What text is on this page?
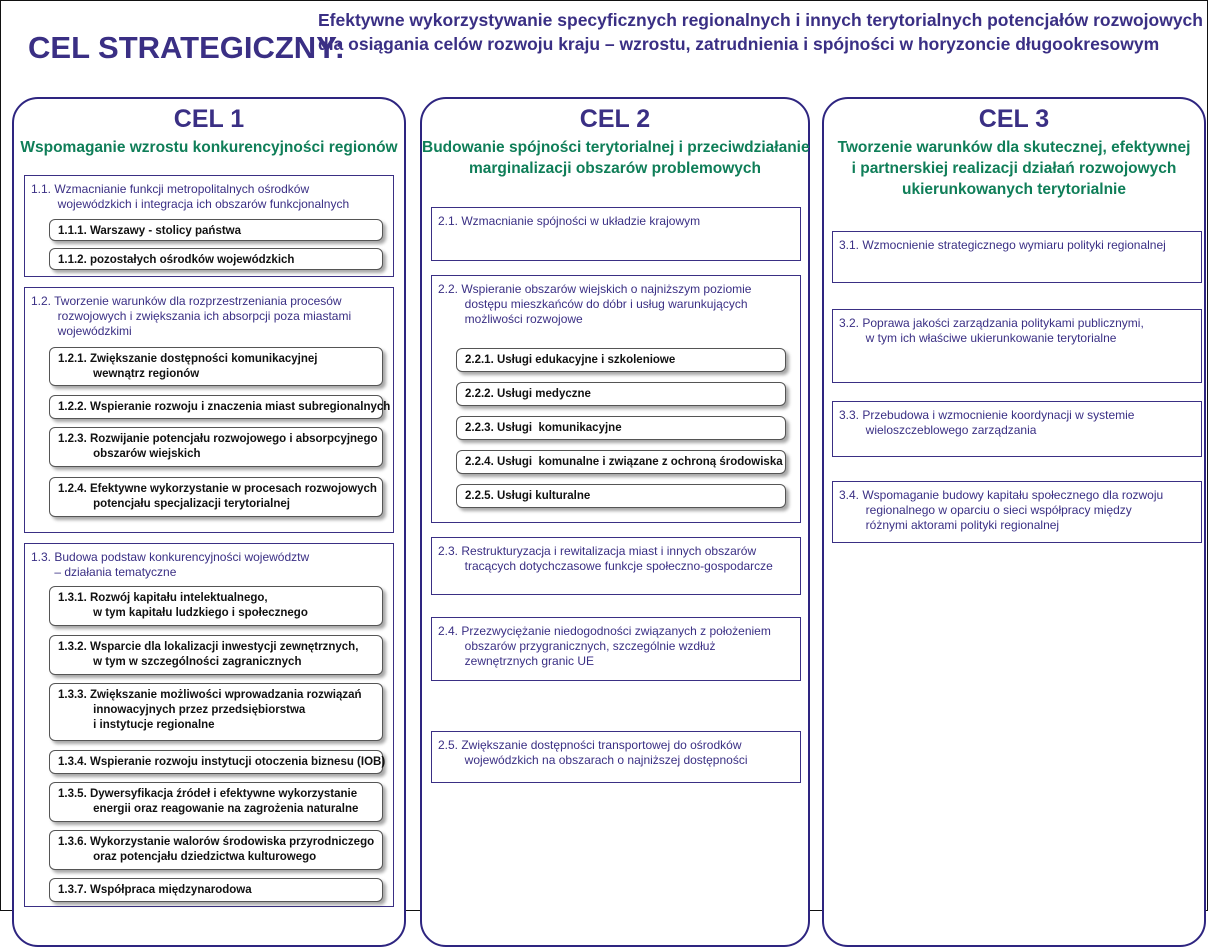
CEL STRATEGICZNY:
Efektywne wykorzystywanie specyficznych regionalnych i innych terytorialnych potencjałów rozwojowych
dla osiągania celów rozwoju kraju – wzrostu, zatrudnienia i spójności w horyzoncie długookresowym
CEL 1
Wspomaganie wzrostu konkurencyjności regionów
1.1. Wzmacnianie funkcji metropolitalnych ośrodków
wojewódzkich i integracja ich obszarów funkcjonalnych
1.1.1. Warszawy - stolicy państwa
1.1.2. pozostałych ośrodków wojewódzkich
1.2. Tworzenie warunków dla rozprzestrzeniania procesów
rozwojowych i zwiększania ich absorpcji poza miastami
wojewódzkimi
1.2.1. Zwiększanie dostępności komunikacyjnej
wewnątrz regionów
1.2.2. Wspieranie rozwoju i znaczenia miast subregionalnych
1.2.3. Rozwijanie potencjału rozwojowego i absorpcyjnego
obszarów wiejskich
1.2.4. Efektywne wykorzystanie w procesach rozwojowych
potencjału specjalizacji terytorialnej
1.3. Budowa podstaw konkurencyjności województw
– działania tematyczne
1.3.1. Rozwój kapitału intelektualnego,
w tym kapitału ludzkiego i społecznego
1.3.2. Wsparcie dla lokalizacji inwestycji zewnętrznych,
w tym w szczególności zagranicznych
1.3.3. Zwiększanie możliwości wprowadzania rozwiązań
innowacyjnych przez przedsiębiorstwa
i instytucje regionalne
1.3.4. Wspieranie rozwoju instytucji otoczenia biznesu (IOB)
1.3.5. Dywersyfikacja źródeł i efektywne wykorzystanie
energii oraz reagowanie na zagrożenia naturalne
1.3.6. Wykorzystanie walorów środowiska przyrodniczego
oraz potencjału dziedzictwa kulturowego
1.3.7. Współpraca międzynarodowa
CEL 2
Budowanie spójności terytorialnej i przeciwdziałanie
marginalizacji obszarów problemowych
2.1. Wzmacnianie spójności w układzie krajowym
2.2. Wspieranie obszarów wiejskich o najniższym poziomie
dostępu mieszkańców do dóbr i usług warunkujących
możliwości rozwojowe
2.2.1. Usługi edukacyjne i szkoleniowe
2.2.2. Usługi medyczne
2.2.3. Usługi  komunikacyjne
2.2.4. Usługi  komunalne i związane z ochroną środowiska
2.2.5. Usługi kulturalne
2.3. Restrukturyzacja i rewitalizacja miast i innych obszarów
tracących dotychczasowe funkcje społeczno-gospodarcze
2.4. Przezwyciężanie niedogodności związanych z położeniem
obszarów przygranicznych, szczególnie wzdłuż
zewnętrznych granic UE
2.5. Zwiększanie dostępności transportowej do ośrodków
wojewódzkich na obszarach o najniższej dostępności
CEL 3
Tworzenie warunków dla skutecznej, efektywnej
i partnerskiej realizacji działań rozwojowych
ukierunkowanych terytorialnie
3.1. Wzmocnienie strategicznego wymiaru polityki regionalnej
3.2. Poprawa jakości zarządzania politykami publicznymi,
w tym ich właściwe ukierunkowanie terytorialne
3.3. Przebudowa i wzmocnienie koordynacji w systemie
wieloszczeblowego zarządzania
3.4. Wspomaganie budowy kapitału społecznego dla rozwoju
regionalnego w oparciu o sieci współpracy między
różnymi aktorami polityki regionalnej
